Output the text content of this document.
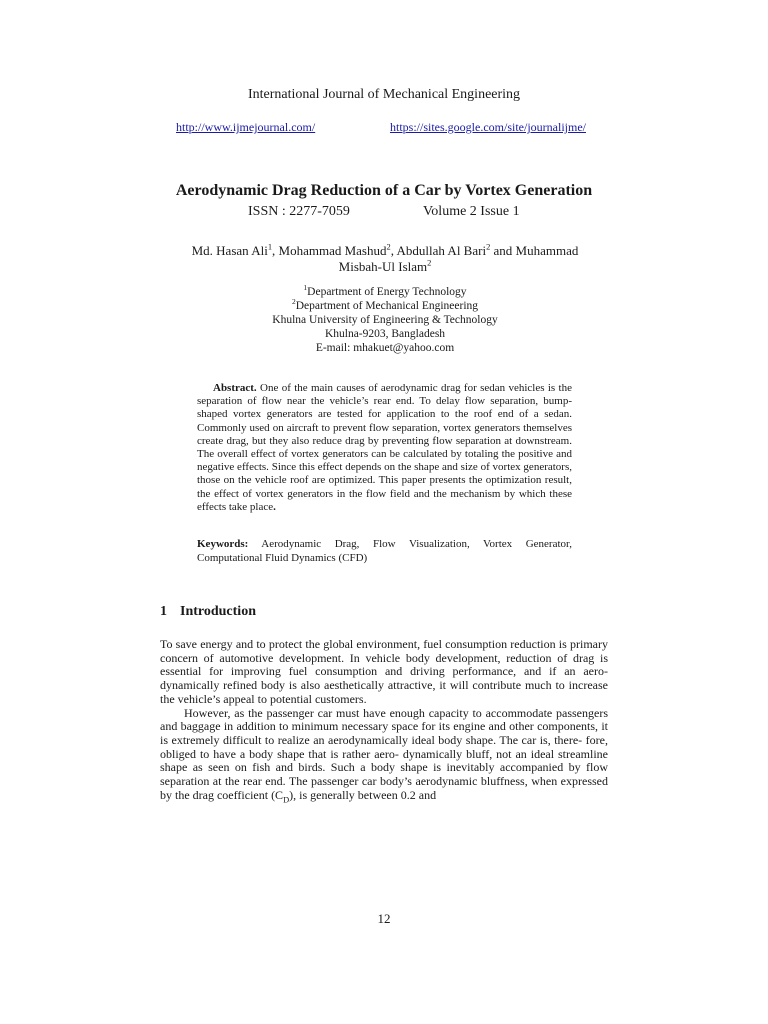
International Journal of Mechanical Engineering
ISSN : 2277-7059	Volume 2 Issue 1
http://www.ijmejournal.com/	https://sites.google.com/site/journalijme/
Aerodynamic Drag Reduction of a Car by Vortex Generation
Md. Hasan Ali$^1$, Mohammad Mashud$^2$, Abdullah Al Bari$^2$ and Muhammad Misbah-Ul Islam$^2$
$^1$Department of Energy Technology
$^2$Department of Mechanical Engineering
Khulna University of Engineering & Technology
Khulna-9203, Bangladesh
E-mail: mhakuet@yahoo.com
Abstract. One of the main causes of aerodynamic drag for sedan vehicles is the separation of flow near the vehicle’s rear end. To delay flow separation, bump-shaped vortex generators are tested for application to the roof end of a sedan. Commonly used on aircraft to prevent flow separation, vortex generators themselves create drag, but they also reduce drag by preventing flow separation at downstream. The overall effect of vortex generators can be calculated by totaling the positive and negative effects. Since this effect depends on the shape and size of vortex generators, those on the vehicle roof are optimized. This paper presents the optimization result, the effect of vortex generators in the flow field and the mechanism by which these effects take place.
Keywords: Aerodynamic Drag, Flow Visualization, Vortex Generator, Computational Fluid Dynamics (CFD)
1 Introduction

To save energy and to protect the global environment, fuel consumption reduction is primary concern of automotive development. In vehicle body development, reduction of drag is essential for improving fuel consumption and driving performance, and if an aero- dynamically refined body is also aesthetically attractive, it will contribute much to increase the vehicle’s appeal to potential customers.

However, as the passenger car must have enough capacity to accommodate passengers and baggage in addition to minimum necessary space for its engine and other components, it is extremely difficult to realize an aerodynamically ideal body shape. The car is, there- fore, obliged to have a body shape that is rather aero- dynamically bluff, not an ideal streamline shape as seen on fish and birds. Such a body shape is inevitably accompanied by flow separation at the rear end. The passenger car body’s aerodynamic bluffness, when expressed by the drag coefficient $(C_D)$, is generally between 0.2 and

12
